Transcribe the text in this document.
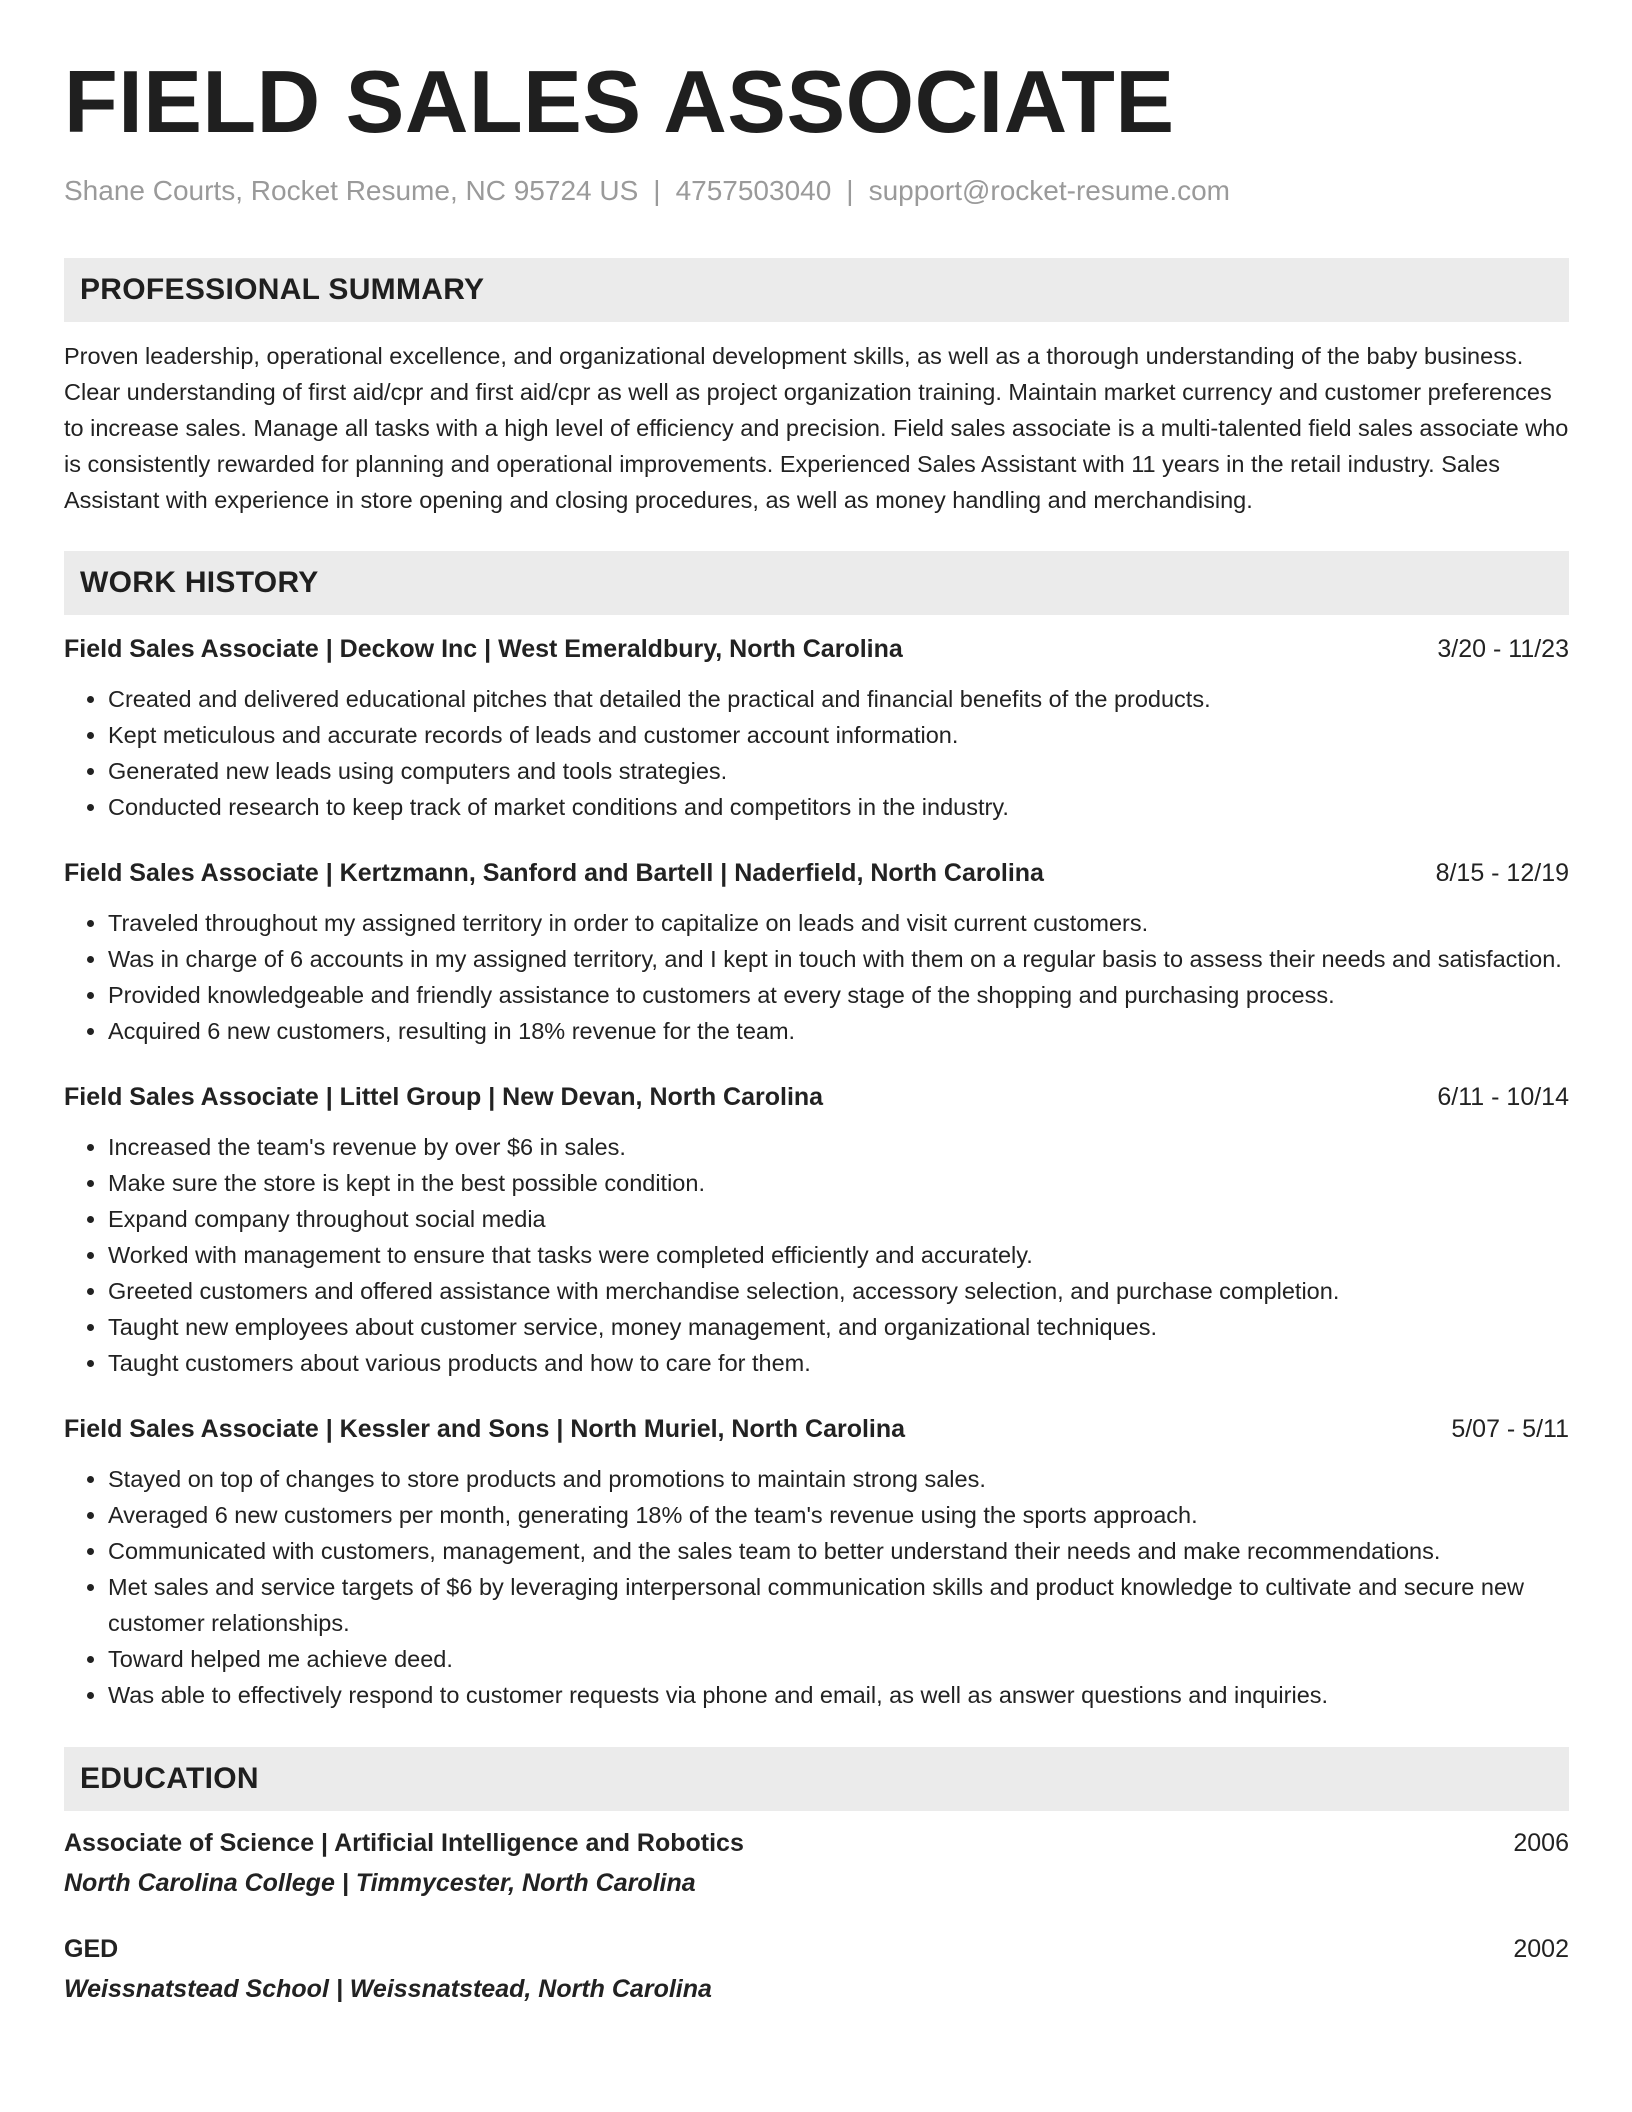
FIELD SALES ASSOCIATE
Shane Courts, Rocket Resume, NC 95724 US | 4757503040 | support@rocket-resume.com
PROFESSIONAL SUMMARY
Proven leadership, operational excellence, and organizational development skills, as well as a thorough understanding of the baby business. Clear understanding of first aid/cpr and first aid/cpr as well as project organization training. Maintain market currency and customer preferences to increase sales. Manage all tasks with a high level of efficiency and precision. Field sales associate is a multi-talented field sales associate who is consistently rewarded for planning and operational improvements. Experienced Sales Assistant with 11 years in the retail industry. Sales Assistant with experience in store opening and closing procedures, as well as money handling and merchandising.
WORK HISTORY
Field Sales Associate | Deckow Inc | West Emeraldbury, North Carolina	3/20 - 11/23
• Created and delivered educational pitches that detailed the practical and financial benefits of the products.
• Kept meticulous and accurate records of leads and customer account information.
• Generated new leads using computers and tools strategies.
• Conducted research to keep track of market conditions and competitors in the industry.
Field Sales Associate | Kertzmann, Sanford and Bartell | Naderfield, North Carolina	8/15 - 12/19
• Traveled throughout my assigned territory in order to capitalize on leads and visit current customers.
• Was in charge of 6 accounts in my assigned territory, and I kept in touch with them on a regular basis to assess their needs and satisfaction.
• Provided knowledgeable and friendly assistance to customers at every stage of the shopping and purchasing process.
• Acquired 6 new customers, resulting in 18% revenue for the team.
Field Sales Associate | Littel Group | New Devan, North Carolina	6/11 - 10/14
• Increased the team's revenue by over $6 in sales.
• Make sure the store is kept in the best possible condition.
• Expand company throughout social media
• Worked with management to ensure that tasks were completed efficiently and accurately.
• Greeted customers and offered assistance with merchandise selection, accessory selection, and purchase completion.
• Taught new employees about customer service, money management, and organizational techniques.
• Taught customers about various products and how to care for them.
Field Sales Associate | Kessler and Sons | North Muriel, North Carolina	5/07 - 5/11
• Stayed on top of changes to store products and promotions to maintain strong sales.
• Averaged 6 new customers per month, generating 18% of the team's revenue using the sports approach.
• Communicated with customers, management, and the sales team to better understand their needs and make recommendations.
• Met sales and service targets of $6 by leveraging interpersonal communication skills and product knowledge to cultivate and secure new customer relationships.
• Toward helped me achieve deed.
• Was able to effectively respond to customer requests via phone and email, as well as answer questions and inquiries.
EDUCATION
Associate of Science | Artificial Intelligence and Robotics	2006
North Carolina College | Timmycester, North Carolina
GED	2002
Weissnatstead School | Weissnatstead, North Carolina
